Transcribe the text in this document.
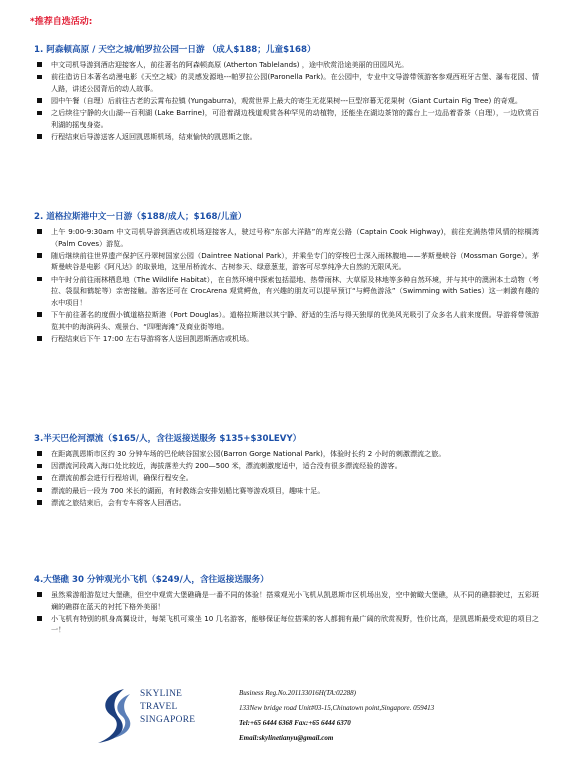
*推荐自选活动:
1. 阿森顿高原 / 天空之城/帕罗拉公园一日游 （成人$188；儿童$168）
中文司机导游到酒店迎接客人，前往著名的阿森顿高原 (Atherton Tablelands) ，途中欣赏沿途美丽的田园风光。
前往造访日本著名动漫电影《天空之城》的灵感发源地---帕罗拉公园(Paronella Park)。在公园中，专业中文导游带领游客参观西班牙古堡、瀑布花园、情人路，讲述公园背后的动人故事。
园中午餐（自理）后前往古老的云霄布拉镇 (Yungaburra)，观赏世界上最大的寄生无花果树---巨型帘幕无花果树（Giant Curtain Fig Tree) 的奇观。
之后续往宁静的火山湖---百利湖 (Lake Barrine)，可沿着湖边栈道观赏各种罕见的动植物，还能坐在湖边茶馆的露台上一边品着香茶（自理），一边欣赏百利湖的摇曳身姿。
行程结束后导游送客人返回凯恩斯机场，结束愉快的凯恩斯之旅。
2. 道格拉斯港中文一日游（$188/成人；$168/儿童）
上午 9:00-9:30am 中文司机导游到酒店或机场迎接客人，驶过号称“东部大洋路”的库克公路（Captain Cook Highway)，前往充满热带风情的棕榈湾（Palm Coves）游览。
随后继续前往世界遗产保护区丹翠树国家公园（Daintree National Park），并乘坐专门的穿梭巴士深入雨林腹地——茅斯曼峡谷（Mossman Gorge）。茅斯曼峡谷是电影《阿凡达》的取景地，这里吊桥流水、古树参天、绿意葱茏，游客可尽享纯净大自然的无限风光。
中午时分前往雨林栖息地（The Wildlife Habitat），在自然环境中探索包括湿地、热带雨林、大草原及林地等多种自然环境，并与其中的澳洲本土动物（考拉、袋鼠和鹤鸵等）亲密接触。游客还可在 CrocArena 观赏鳄鱼，有兴趣的朋友可以提早预订“与鳄鱼游泳”（Swimming with Saties）这一刺激有趣的水中项目！
下午前往著名的度假小镇道格拉斯港（Port Douglas）。道格拉斯港以其宁静、舒适的生活与得天独厚的优美风光吸引了众多名人前来度假。导游将带领游览其中的海滨码头、观景台、“四哩海滩”及商业街等地。
行程结束后下午 17:00 左右导游将客人送回凯恩斯酒店或机场。
3.半天巴伦河漂流（$165/人，含往返接送服务 $135+$30LEVY）
在距离凯恩斯市区约 30 分钟车场的巴伦峡谷国家公园(Barron Gorge National Park)，体验时长约 2 小时的刺激漂流之旅。
因漂流河段离入海口处比较近，海拔落差大约 200—500 米，漂流刺激度适中，适合没有很多漂流经验的游客。
在漂流前都会进行行程培训，确保行程安全。
漂流的最后一段为 700 米长的湖面，有时教练会安排划船比赛等游戏项目，趣味十足。
漂流之旅结束后，会有专车将客人回酒店。
4.大堡礁 30 分钟观光小飞机（$249/人，含往返接送服务）
虽然乘游船游览过大堡礁，但空中观赏大堡礁确是一番不同的体验！搭乘观光小飞机从凯恩斯市区机场出发，空中俯瞰大堡礁，从不同的礁群驶过，五彩斑斓的礁群在蓝天的衬托下格外美丽！
小飞机有特别的机身高翼设计，每架飞机可乘坐 10 几名游客，能够保证每位搭乘的客人都拥有最广阔的欣赏视野，性价比高，是凯恩斯最受欢迎的项目之一！
SKYLINE
TRAVEL
SINGAPORE
Business Reg.No.201133016H(TA:02288)
133New bridge road Unit#03-15,Chinatown point,Singapore. 059413
Tel:+65 6444 6368 Fax:+65 6444 6370
Email:skylinetianyu@gmail.com
